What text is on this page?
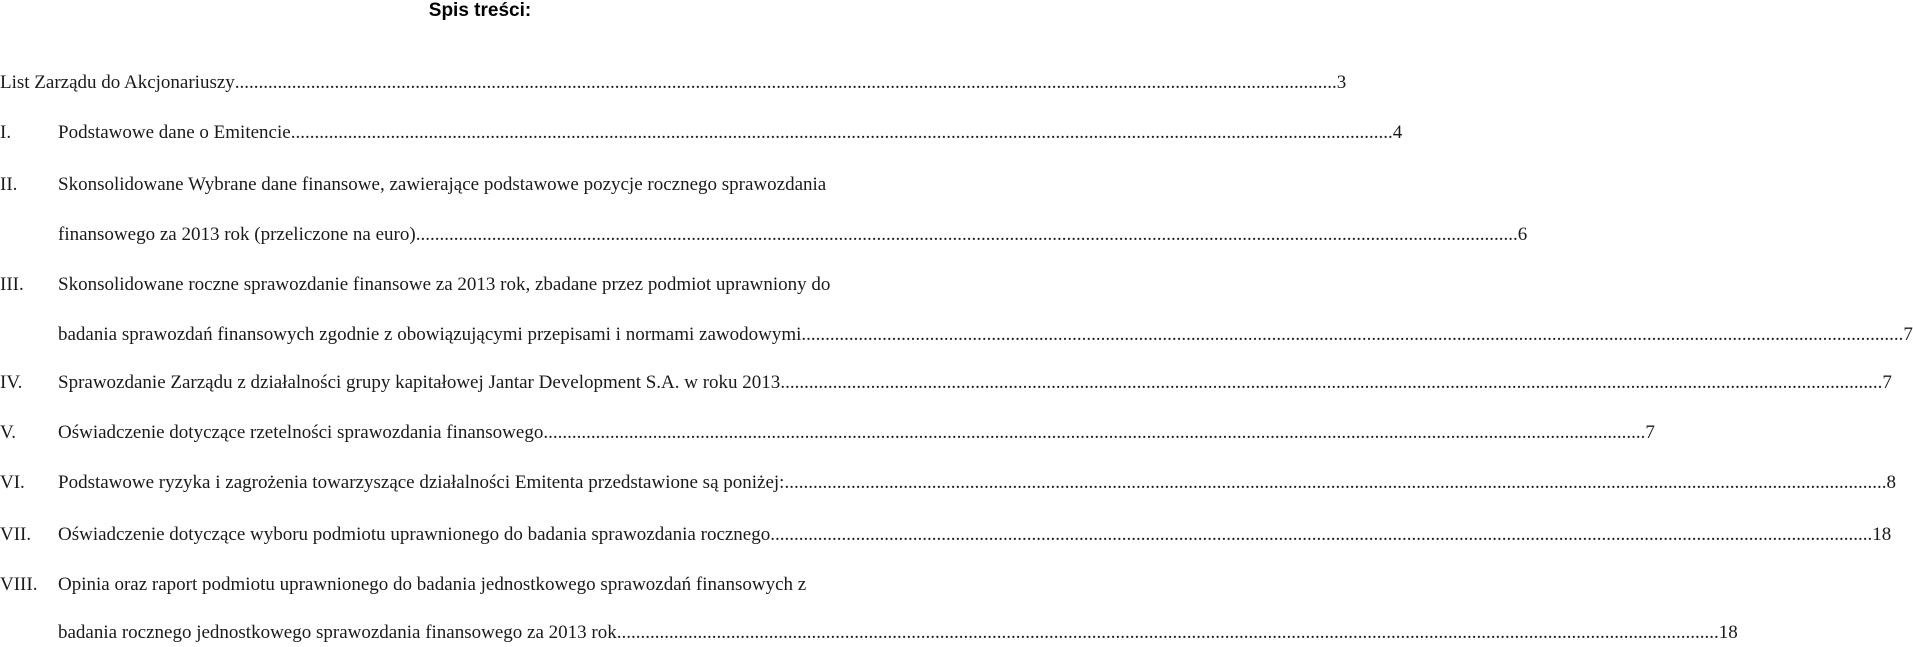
Spis treści:
List Zarządu do Akcjonariuszy .....	3
I. Podstawowe dane o Emitencie .....	4
II. Skonsolidowane Wybrane dane finansowe, zawierające podstawowe pozycje rocznego sprawozdania
finansowego za 2013 rok (przeliczone na euro) .....	6
III. Skonsolidowane roczne sprawozdanie finansowe za 2013 rok, zbadane przez podmiot uprawniony do
badania sprawozdań finansowych zgodnie z obowiązującymi przepisami i normami zawodowymi .....	7
IV. Sprawozdanie Zarządu z działalności grupy kapitałowej Jantar Development S.A. w roku 2013 .....	7
V. Oświadczenie dotyczące rzetelności sprawozdania finansowego .....	7
VI. Podstawowe ryzyka i zagrożenia towarzyszące działalności Emitenta przedstawione są poniżej: .....	8
VII. Oświadczenie dotyczące wyboru podmiotu uprawnionego do badania sprawozdania rocznego .....	18
VIII. Opinia oraz raport podmiotu uprawnionego do badania jednostkowego sprawozdań finansowych z
badania rocznego jednostkowego sprawozdania finansowego za 2013 rok .....	18
